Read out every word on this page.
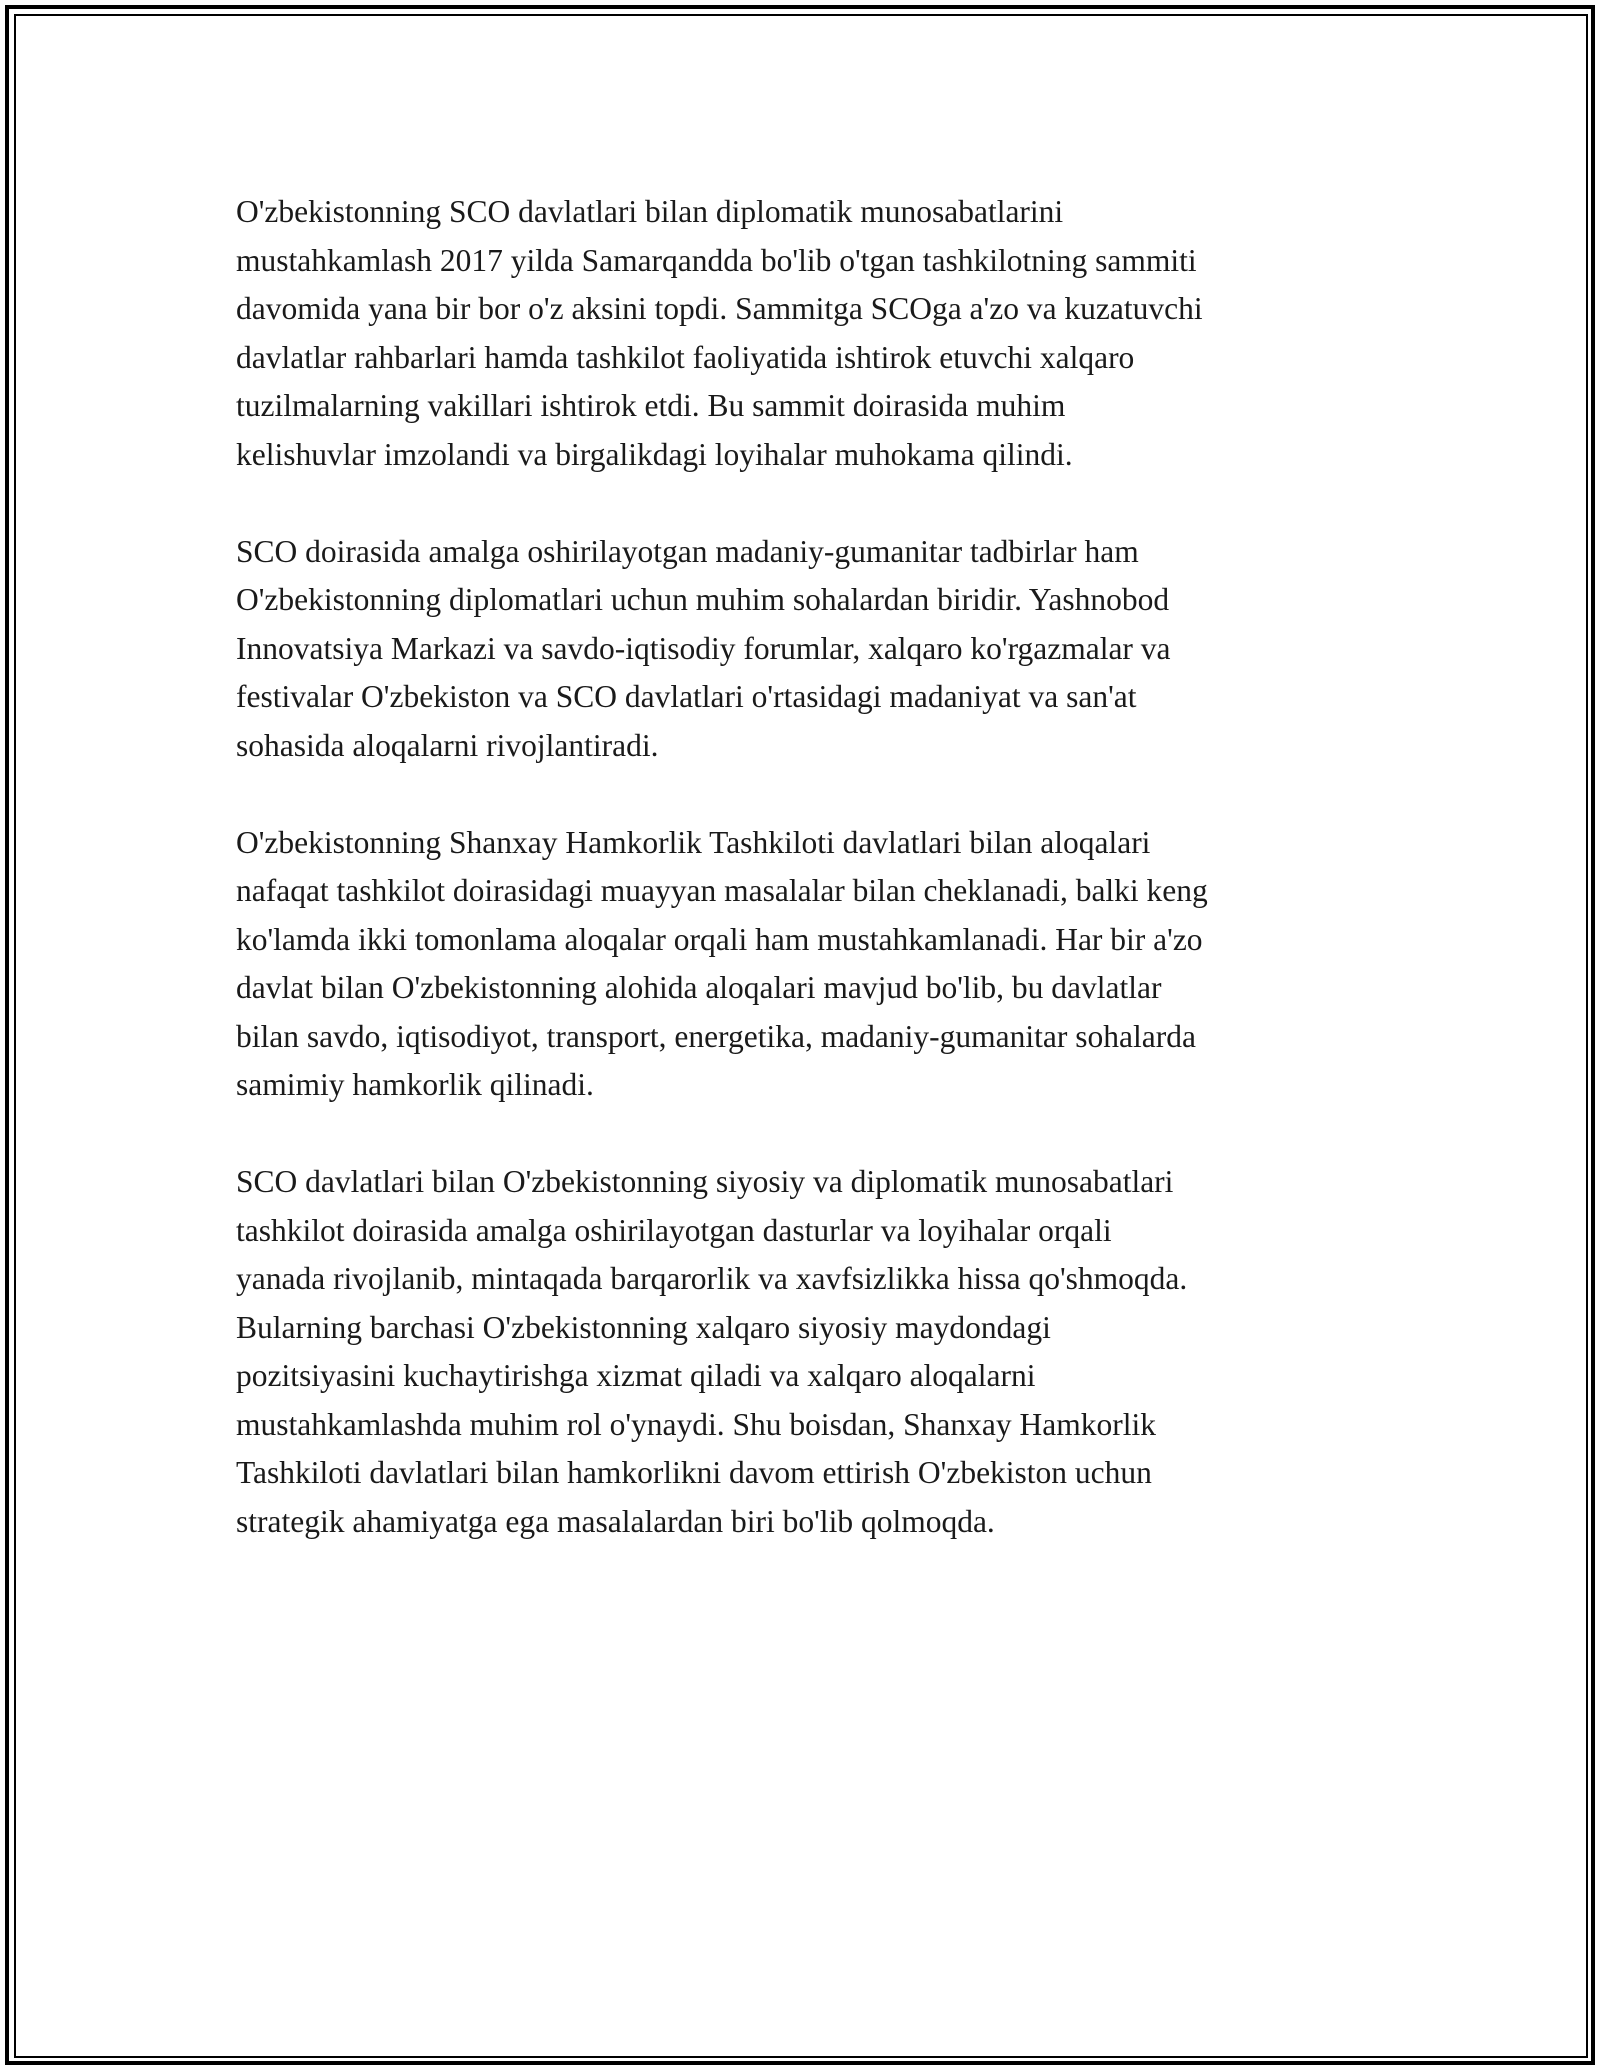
O'zbekistonning SCO davlatlari bilan diplomatik munosabatlarini
mustahkamlash 2017 yilda Samarqandda bo'lib o'tgan tashkilotning sammiti
davomida yana bir bor o'z aksini topdi. Sammitga SCOga a'zo va kuzatuvchi
davlatlar rahbarlari hamda tashkilot faoliyatida ishtirok etuvchi xalqaro
tuzilmalarning vakillari ishtirok etdi. Bu sammit doirasida muhim
kelishuvlar imzolandi va birgalikdagi loyihalar muhokama qilindi.

SCO doirasida amalga oshirilayotgan madaniy-gumanitar tadbirlar ham
O'zbekistonning diplomatlari uchun muhim sohalardan biridir. Yashnobod
Innovatsiya Markazi va savdo-iqtisodiy forumlar, xalqaro ko'rgazmalar va
festivalar O'zbekiston va SCO davlatlari o'rtasidagi madaniyat va san'at
sohasida aloqalarni rivojlantiradi.

O'zbekistonning Shanxay Hamkorlik Tashkiloti davlatlari bilan aloqalari
nafaqat tashkilot doirasidagi muayyan masalalar bilan cheklanadi, balki keng
ko'lamda ikki tomonlama aloqalar orqali ham mustahkamlanadi. Har bir a'zo
davlat bilan O'zbekistonning alohida aloqalari mavjud bo'lib, bu davlatlar
bilan savdo, iqtisodiyot, transport, energetika, madaniy-gumanitar sohalarda
samimiy hamkorlik qilinadi.

SCO davlatlari bilan O'zbekistonning siyosiy va diplomatik munosabatlari
tashkilot doirasida amalga oshirilayotgan dasturlar va loyihalar orqali
yanada rivojlanib, mintaqada barqarorlik va xavfsizlikka hissa qo'shmoqda.
Bularning barchasi O'zbekistonning xalqaro siyosiy maydondagi
pozitsiyasini kuchaytirishga xizmat qiladi va xalqaro aloqalarni
mustahkamlashda muhim rol o'ynaydi. Shu boisdan, Shanxay Hamkorlik
Tashkiloti davlatlari bilan hamkorlikni davom ettirish O'zbekiston uchun
strategik ahamiyatga ega masalalardan biri bo'lib qolmoqda.
